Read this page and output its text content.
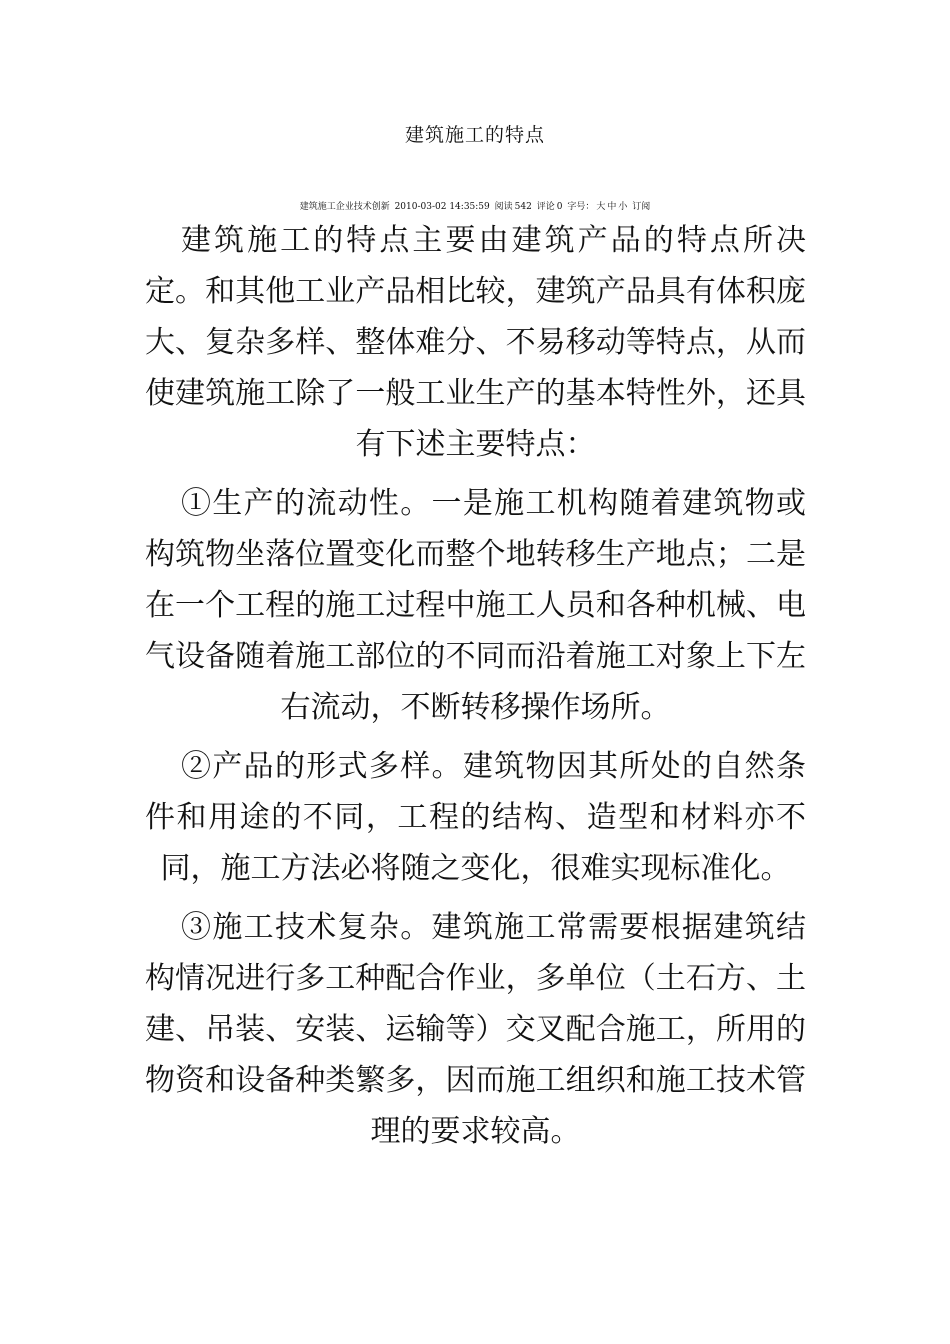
建筑施工的特点
建筑施工企业技术创新 2010-03-02 14:35:59 阅读 542 评论 0 字号： 大 中 小 订阅

建筑施工的特点主要由建筑产品的特点所决定。和其他工业产品相比较，建筑产品具有体积庞大、复杂多样、整体难分、不易移动等特点，从而使建筑施工除了一般工业生产的基本特性外，还具有下述主要特点：

①生产的流动性。一是施工机构随着建筑物或构筑物坐落位置变化而整个地转移生产地点；二是在一个工程的施工过程中施工人员和各种机械、电气设备随着施工部位的不同而沿着施工对象上下左右流动，不断转移操作场所。

②产品的形式多样。建筑物因其所处的自然条件和用途的不同，工程的结构、造型和材料亦不同，施工方法必将随之变化，很难实现标准化。

③施工技术复杂。建筑施工常需要根据建筑结构情况进行多工种配合作业，多单位（土石方、土建、吊装、安装、运输等）交叉配合施工，所用的物资和设备种类繁多，因而施工组织和施工技术管理的要求较高。
